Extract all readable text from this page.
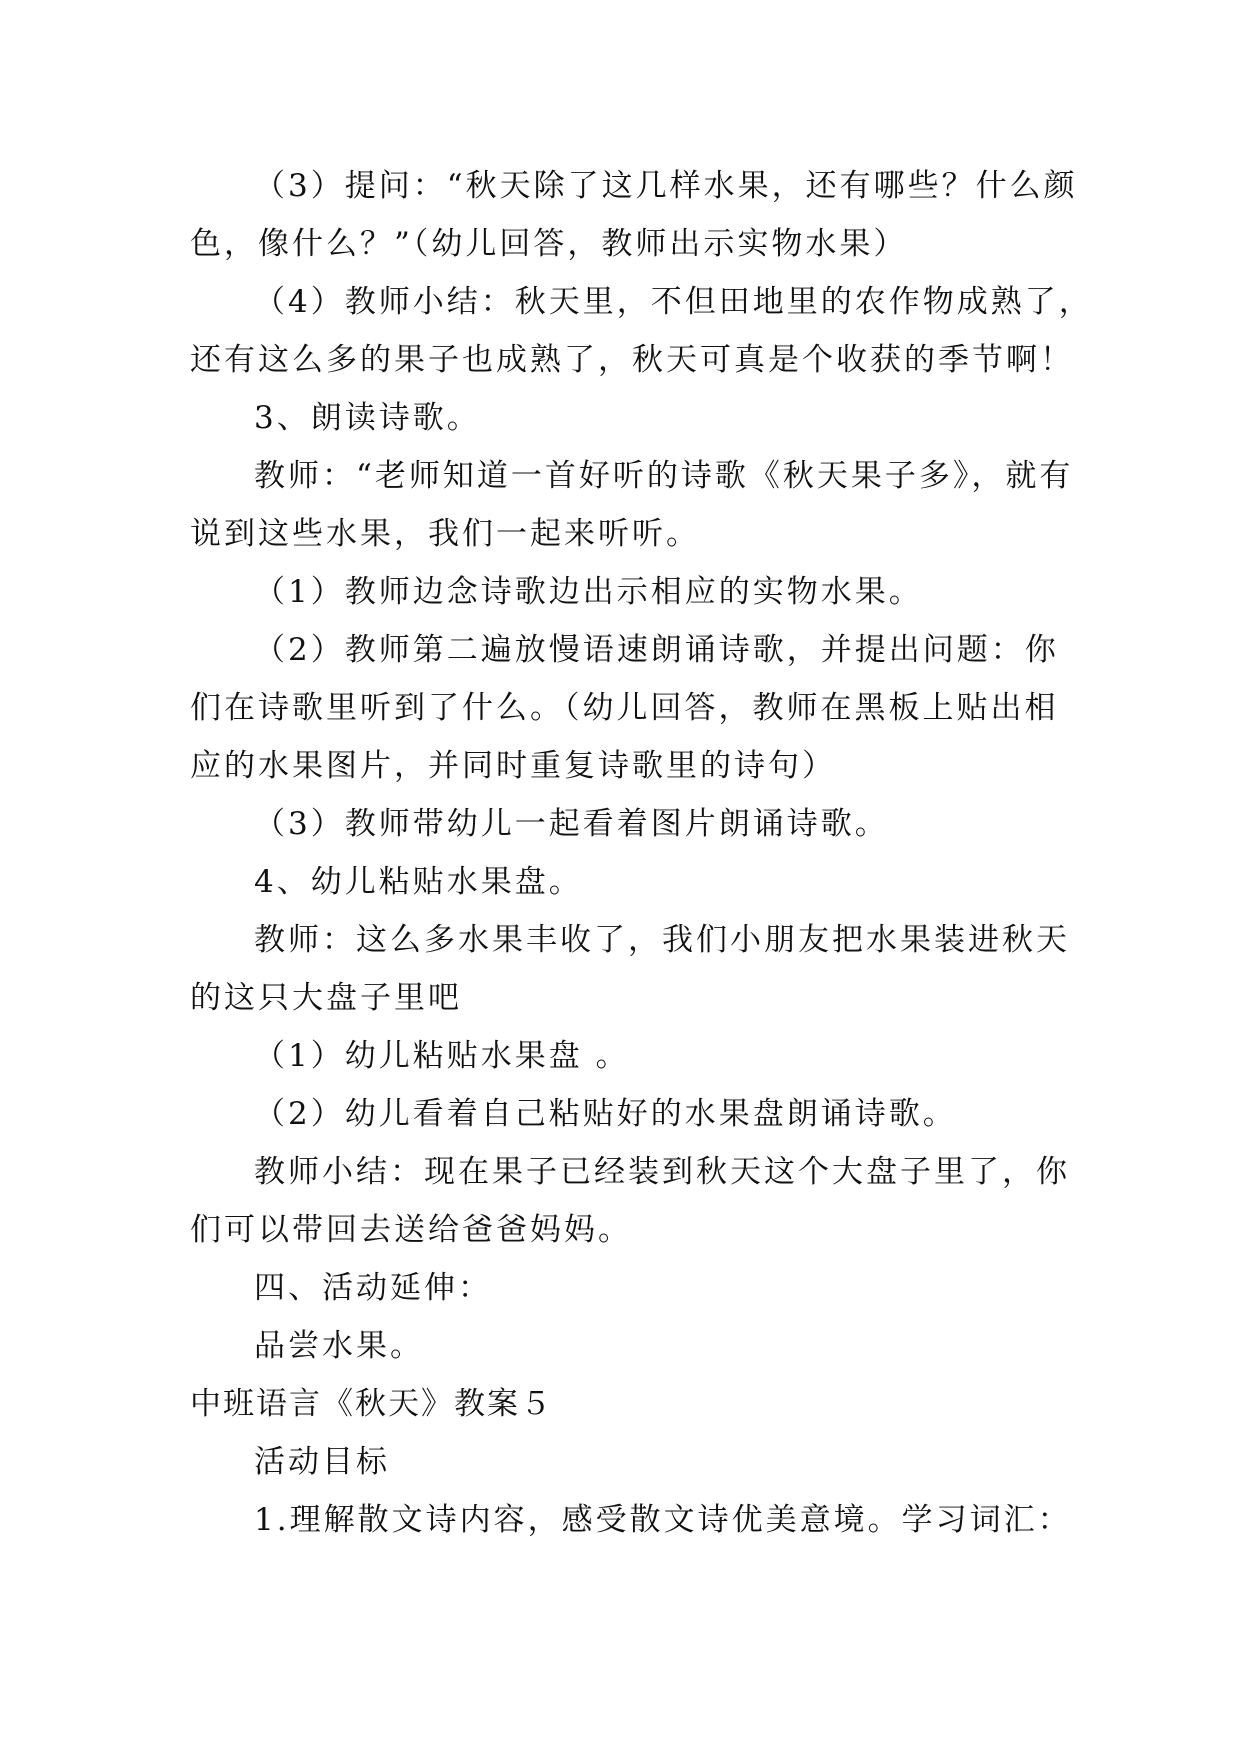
（3）提问：“秋天除了这几样水果，还有哪些？什么颜
色，像什么？”（幼儿回答，教师出示实物水果）
（4）教师小结：秋天里，不但田地里的农作物成熟了，
还有这么多的果子也成熟了，秋天可真是个收获的季节啊！
3、朗读诗歌。
教师：“老师知道一首好听的诗歌《秋天果子多》，就有
说到这些水果，我们一起来听听。
（1）教师边念诗歌边出示相应的实物水果。
（2）教师第二遍放慢语速朗诵诗歌，并提出问题：你
们在诗歌里听到了什么。（幼儿回答，教师在黑板上贴出相
应的水果图片，并同时重复诗歌里的诗句）
（3）教师带幼儿一起看着图片朗诵诗歌。
4、幼儿粘贴水果盘。
教师：这么多水果丰收了，我们小朋友把水果装进秋天
的这只大盘子里吧
（1）幼儿粘贴水果盘 。
（2）幼儿看着自己粘贴好的水果盘朗诵诗歌。
教师小结：现在果子已经装到秋天这个大盘子里了，你
们可以带回去送给爸爸妈妈。
四、活动延伸：
品尝水果。
中班语言《秋天》教案５
活动目标
1.理解散文诗内容，感受散文诗优美意境。学习词汇：
